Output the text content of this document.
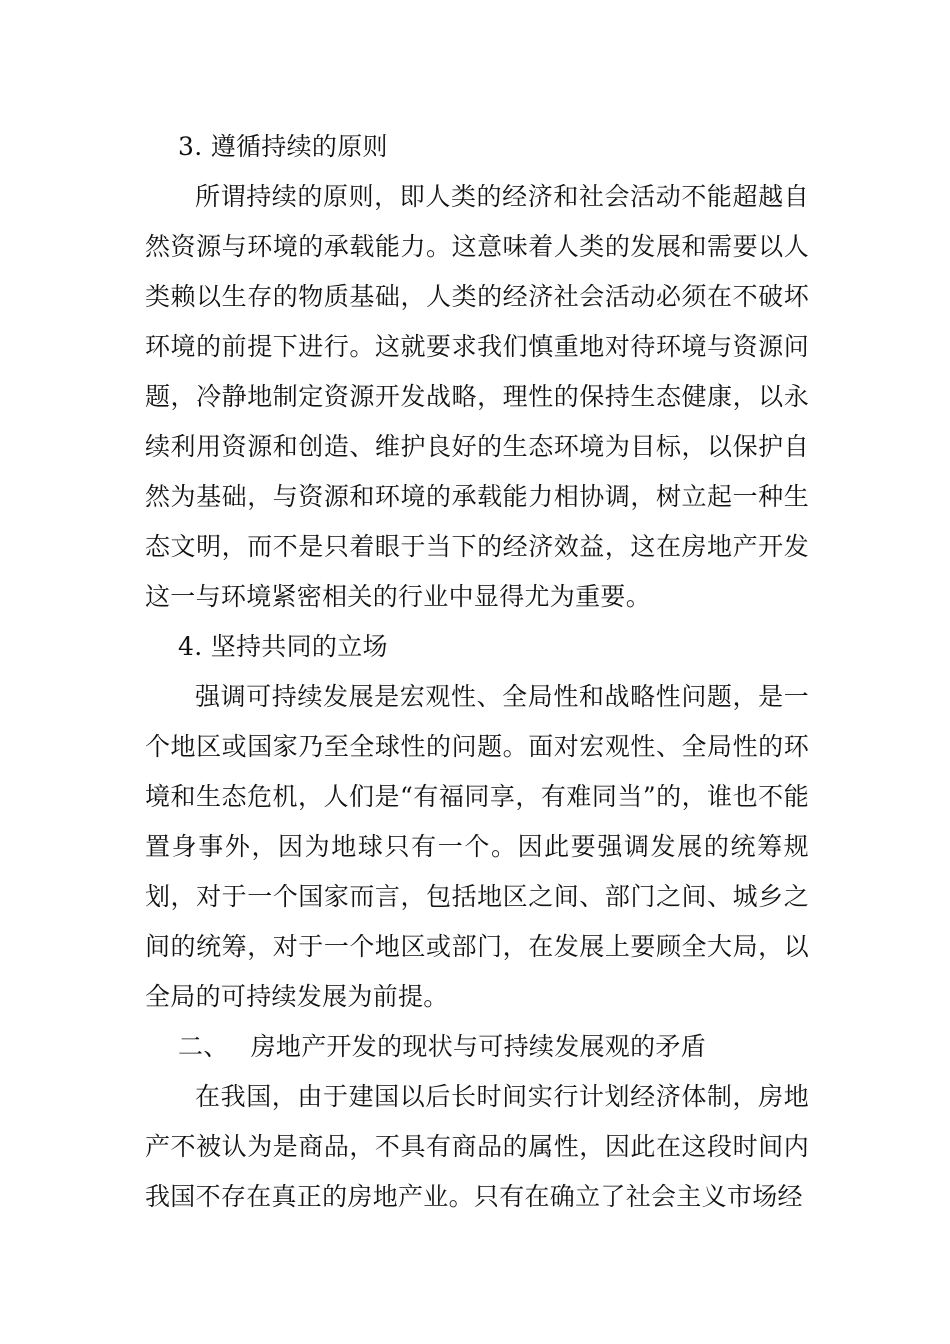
3. 遵循持续的原则

所谓持续的原则，即人类的经济和社会活动不能超越自然资源与环境的承载能力。这意味着人类的发展和需要以人类赖以生存的物质基础，人类的经济社会活动必须在不破坏环境的前提下进行。这就要求我们慎重地对待环境与资源问题，冷静地制定资源开发战略，理性的保持生态健康，以永续利用资源和创造、维护良好的生态环境为目标，以保护自然为基础，与资源和环境的承载能力相协调，树立起一种生态文明，而不是只着眼于当下的经济效益，这在房地产开发这一与环境紧密相关的行业中显得尤为重要。

4. 坚持共同的立场

强调可持续发展是宏观性、全局性和战略性问题，是一个地区或国家乃至全球性的问题。面对宏观性、全局性的环境和生态危机，人们是“有福同享，有难同当”的，谁也不能置身事外，因为地球只有一个。因此要强调发展的统筹规划，对于一个国家而言，包括地区之间、部门之间、城乡之间的统筹，对于一个地区或部门，在发展上要顾全大局，以全局的可持续发展为前提。

二、 房地产开发的现状与可持续发展观的矛盾

在我国，由于建国以后长时间实行计划经济体制，房地产不被认为是商品，不具有商品的属性，因此在这段时间内我国不存在真正的房地产业。只有在确立了社会主义市场经
